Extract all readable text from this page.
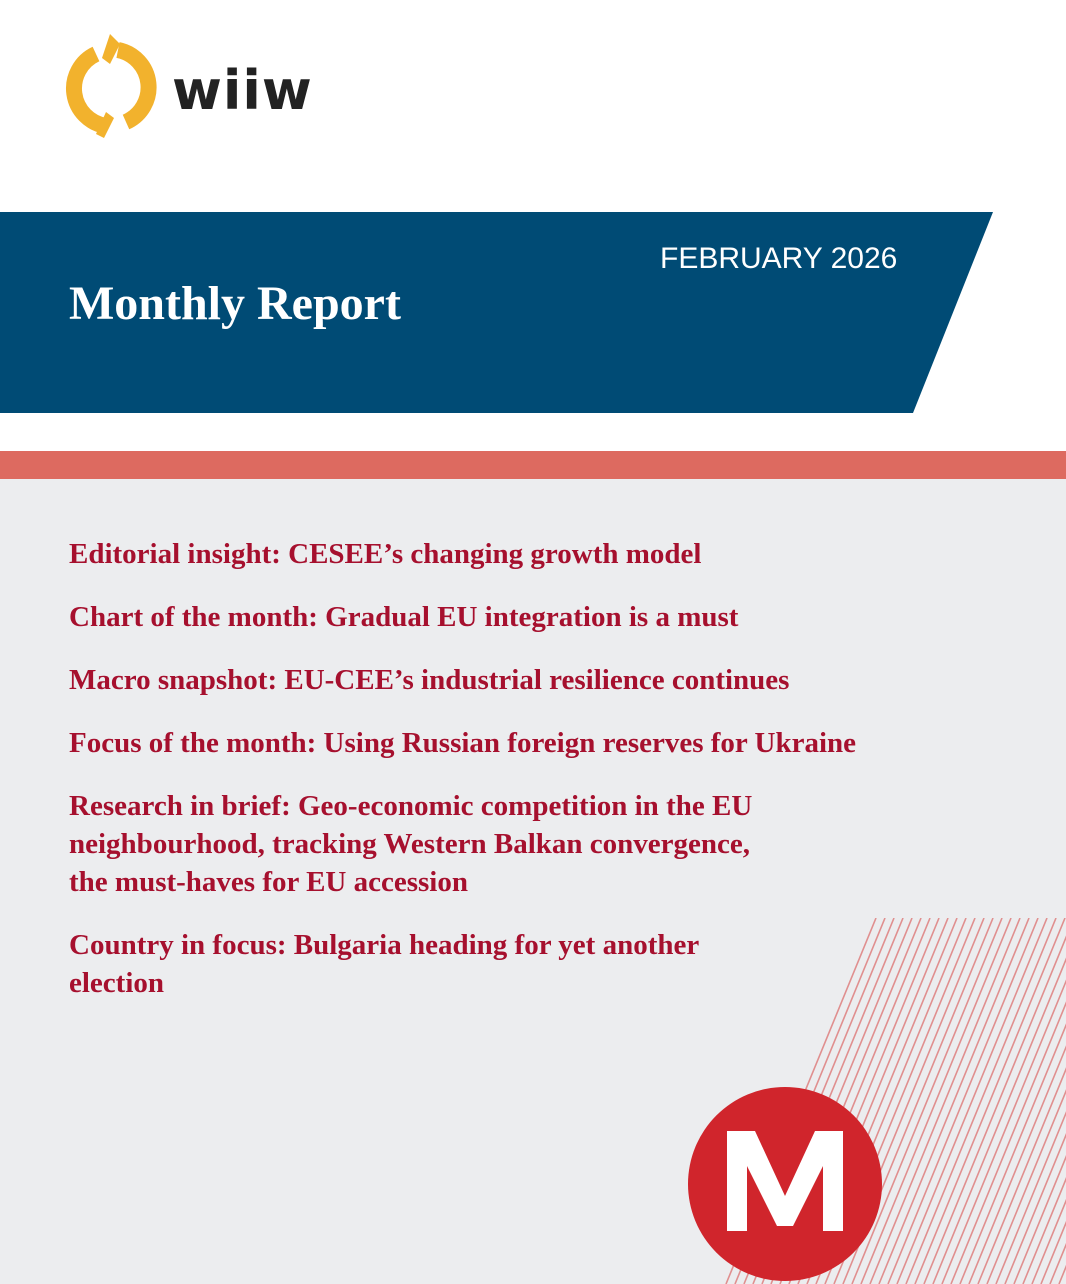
wiiw
FEBRUARY 2026
Monthly Report
Editorial insight: CESEE’s changing growth model
Chart of the month: Gradual EU integration is a must
Macro snapshot: EU-CEE’s industrial resilience continues
Focus of the month: Using Russian foreign reserves for Ukraine
Research in brief: Geo-economic competition in the EU
neighbourhood, tracking Western Balkan convergence,
the must-haves for EU accession
Country in focus: Bulgaria heading for yet another
election
